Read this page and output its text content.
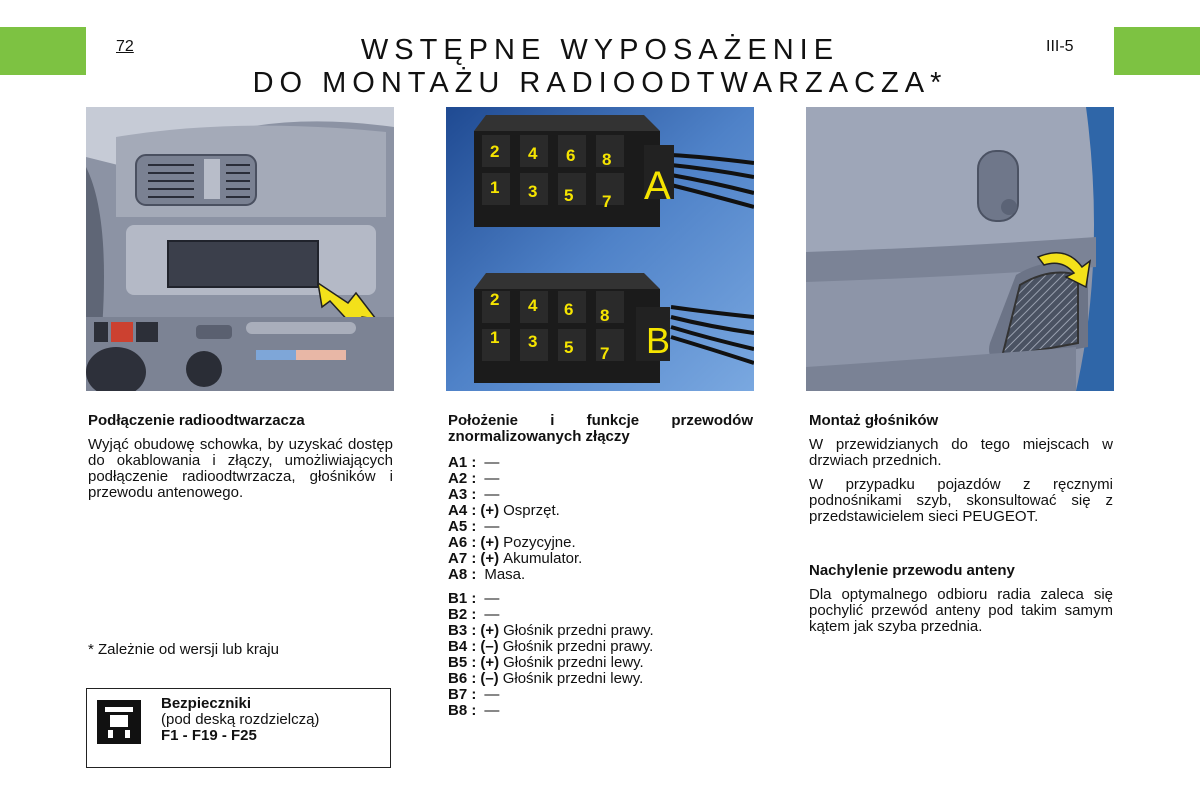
72	III-5
WSTĘPNE WYPOSAŻENIE
DO MONTAŻU RADIOODTWARZACZA*
2 4 6 8
1 3 5 7 A
2 4 6 8
1 3 5 7 B
Podłączenie radioodtwarzacza
Wyjąć obudowę schowka, by uzyskać dostęp do okablowania i złączy, umożliwiających podłączenie radioodtwrzacza, głośników i przewodu antenowego.
* Zależnie od wersji lub kraju
Bezpieczniki
(pod deską rozdzielczą)
F1 - F19 - F25
Położenie i funkcje przewodów znormalizowanych złączy
A1 : —
A2 : —
A3 : —
A4 : (+) Osprzęt.
A5 : —
A6 : (+) Pozycyjne.
A7 : (+) Akumulator.
A8 : Masa.
B1 : —
B2 : —
B3 : (+) Głośnik przedni prawy.
B4 : (–) Głośnik przedni prawy.
B5 : (+) Głośnik przedni lewy.
B6 : (–) Głośnik przedni lewy.
B7 : —
B8 : —
Montaż głośników
W przewidzianych do tego miejscach w drzwiach przednich.
W przypadku pojazdów z ręcznymi podnośnikami szyb, skonsultować się z przedstawicielem sieci PEUGEOT.
Nachylenie przewodu anteny
Dla optymalnego odbioru radia zaleca się pochylić przewód anteny pod takim samym kątem jak szyba przednia.
